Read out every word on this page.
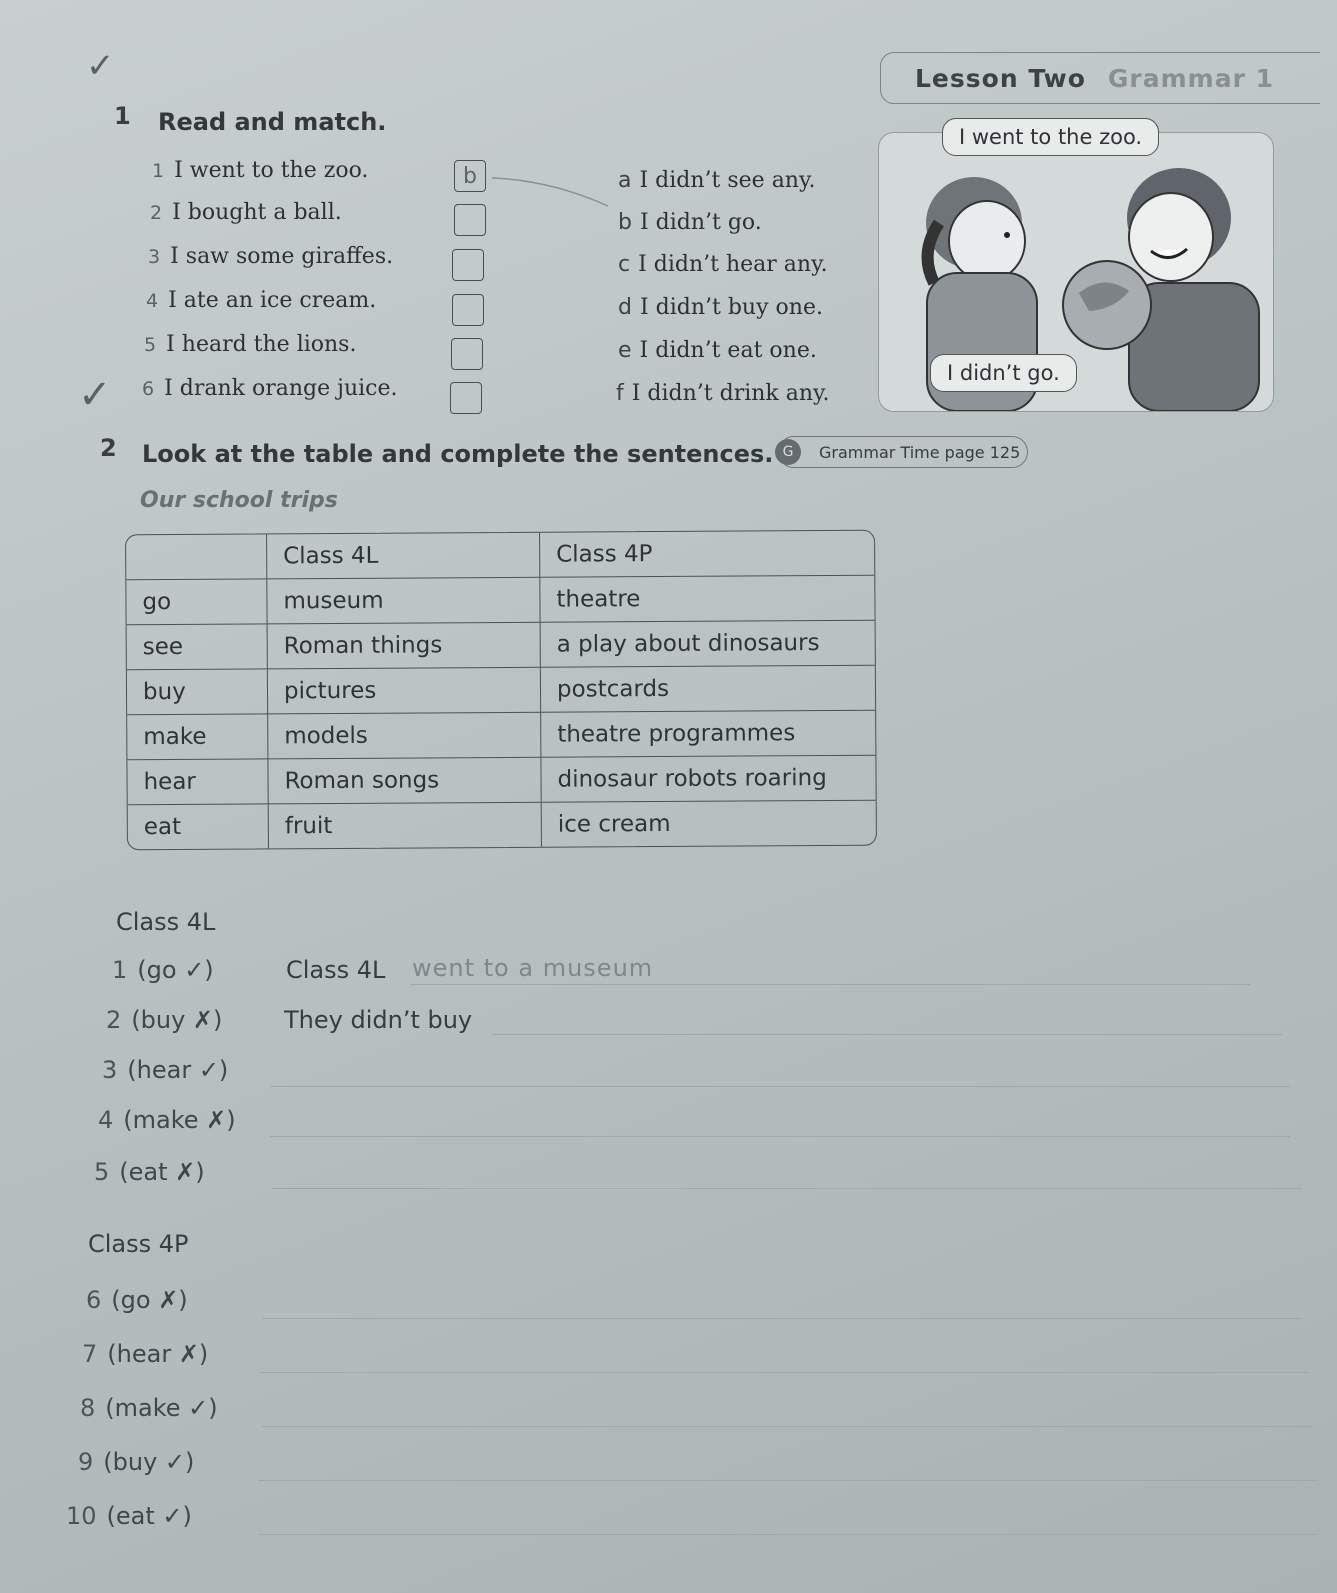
Lesson Two Grammar 1
✓
✓
1 Read and match.
1 I went to the zoo.
2 I bought a ball.
3 I saw some giraffes.
4 I ate an ice cream.
5 I heard the lions.
6 I drank orange juice.
b	a I didn’t see any.
b I didn’t go.
c I didn’t hear any.
d I didn’t buy one.
e I didn’t eat one.
f I didn’t drink any.
I went to the zoo.
I didn’t go.
2 Look at the table and complete the sentences. G	Grammar Time page 125
Our school trips
	Class 4L	Class 4P
go	museum	theatre
see	Roman things	a play about dinosaurs
buy	pictures	postcards
make	models	theatre programmes
hear	Roman songs	dinosaur robots roaring
eat	fruit	ice cream
Class 4L
1 (go ✓)	Class 4L went to a museum
2 (buy ✗)	They didn’t buy
3 (hear ✓)
4 (make ✗)
5 (eat ✗)
Class 4P
6 (go ✗)
7 (hear ✗)
8 (make ✓)
9 (buy ✓)
10 (eat ✓)
